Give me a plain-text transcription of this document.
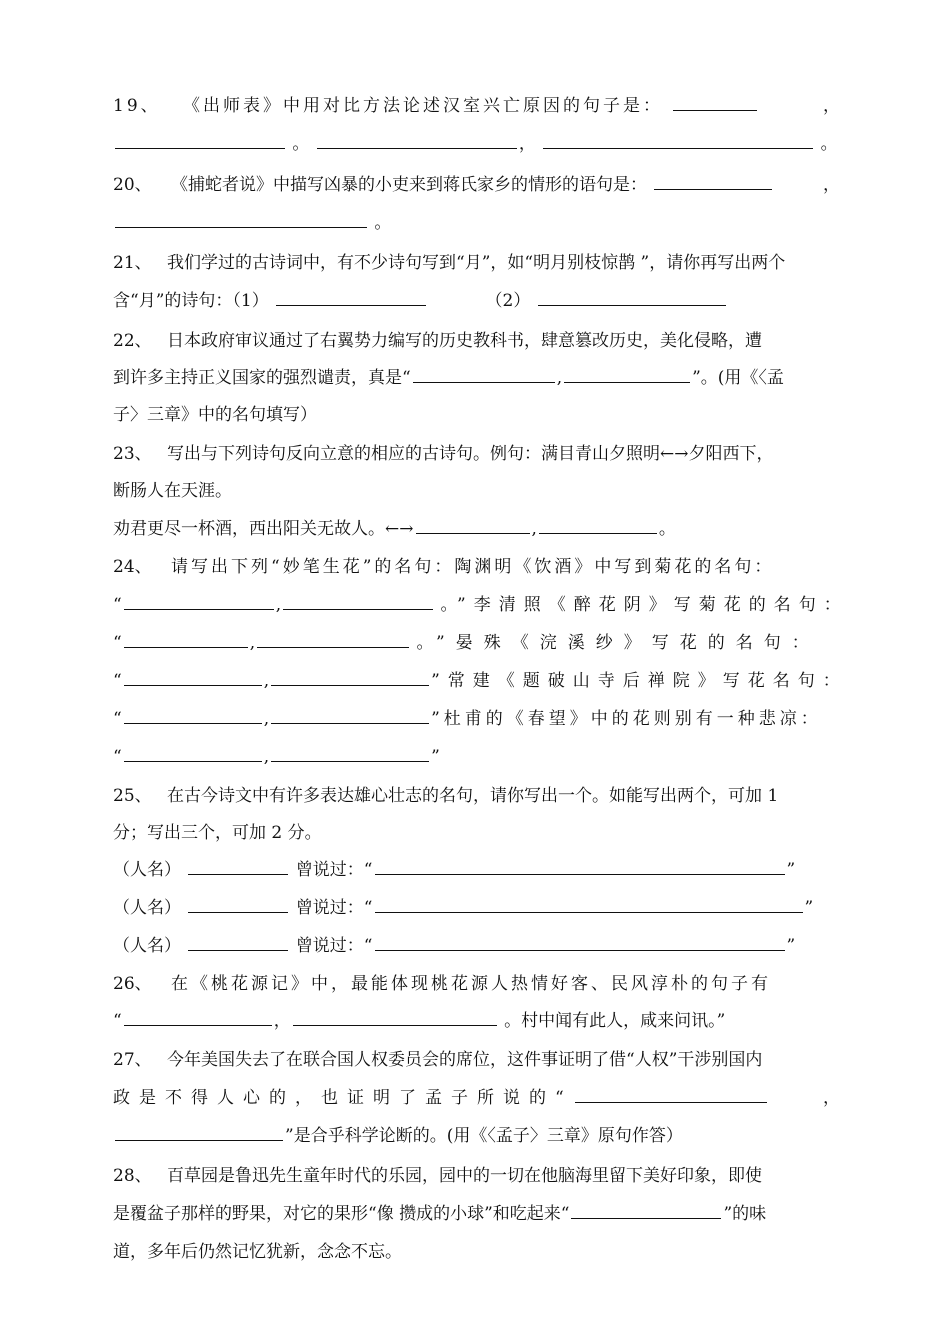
19、 《出师表》中用对比方法论述汉室兴亡原因的句子是：	，
。	，	。
20、 《捕蛇者说》中描写凶暴的小吏来到蒋氏家乡的情形的语句是：	，
。
21、 我们学过的古诗词中，有不少诗句写到“月”，如“明月别枝惊鹊 ”，请你再写出两个
含“月”的诗句：（1）	（2）
22、 日本政府审议通过了右翼势力编写的历史教科书，肆意篡改历史，美化侵略，遭
到许多主持正义国家的强烈谴责，真是“	,	”。(用《〈孟
子〉三章》中的名句填写）
23、 写出与下列诗句反向立意的相应的古诗句。例句：满目青山夕照明←→夕阳西下，
断肠人在天涯。
劝君更尽一杯酒，西出阳关无故人。←→	,	。
24、 请写出下列“妙笔生花”的名句：陶渊明《饮酒》中写到菊花的名句：
“	,	。”李清照《醉花阴》写菊花的名句：
“	,	。”晏殊《浣溪纱》写花的名句：
“	,	”常建《题破山寺后禅院》写花名句：
“	,	”杜甫的《春望》中的花则别有一种悲凉：
“	,	”
25、 在古今诗文中有许多表达雄心壮志的名句，请你写出一个。如能写出两个，可加 1
分；写出三个，可加 2 分。
（人名）	曾说过：“	”
（人名）	曾说过：“	”
（人名）	曾说过：“	”
26、 在《桃花源记》中，最能体现桃花源人热情好客、民风淳朴的句子有
“	，	。村中闻有此人，咸来问讯。”
27、 今年美国失去了在联合国人权委员会的席位，这件事证明了借“人权”干涉别国内
政是不得人心的，也证明了孟子所说的“	，
”是合乎科学论断的。(用《〈孟子〉三章》原句作答）
28、 百草园是鲁迅先生童年时代的乐园，园中的一切在他脑海里留下美好印象，即使
是覆盆子那样的野果，对它的果形“像 攒成的小球”和吃起来“	”的味
道，多年后仍然记忆犹新，念念不忘。
